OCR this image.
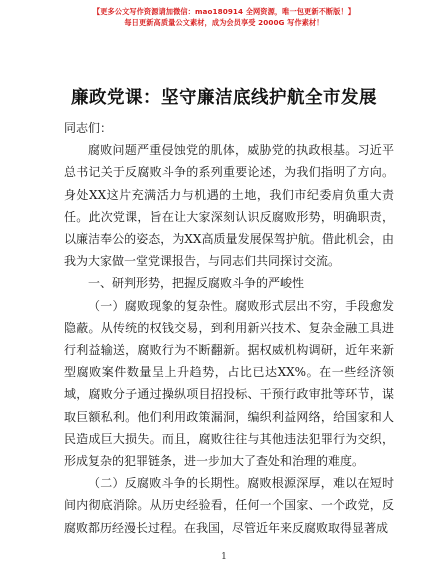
【更多公文写作资源请加微信：mao180914 全网资源，唯一包更新不断版！】
每日更新高质量公文素材，成为会员享受 2000G 写作素材！
廉政党课：坚守廉洁底线护航全市发展

同志们：

腐败问题严重侵蚀党的肌体，威胁党的执政根基。习近平总书记关于反腐败斗争的系列重要论述，为我们指明了方向。身处XX这片充满活力与机遇的土地，我们市纪委肩负重大责任。此次党课，旨在让大家深刻认识反腐败形势，明确职责，以廉洁奉公的姿态，为XX高质量发展保驾护航。借此机会，由我为大家做一堂党课报告，与同志们共同探讨交流。

一、研判形势，把握反腐败斗争的严峻性

（一）腐败现象的复杂性。腐败形式层出不穷，手段愈发隐蔽。从传统的权钱交易，到利用新兴技术、复杂金融工具进行利益输送，腐败行为不断翻新。据权威机构调研，近年来新型腐败案件数量呈上升趋势，占比已达XX%。在一些经济领域，腐败分子通过操纵项目招投标、干预行政审批等环节，谋取巨额私利。他们利用政策漏洞，编织利益网络，给国家和人民造成巨大损失。而且，腐败往往与其他违法犯罪行为交织，形成复杂的犯罪链条，进一步加大了查处和治理的难度。

（二）反腐败斗争的长期性。腐败根源深厚，难以在短时间内彻底消除。从历史经验看，任何一个国家、一个政党，反腐败都历经漫长过程。在我国，尽管近年来反腐败取得显著成

1
